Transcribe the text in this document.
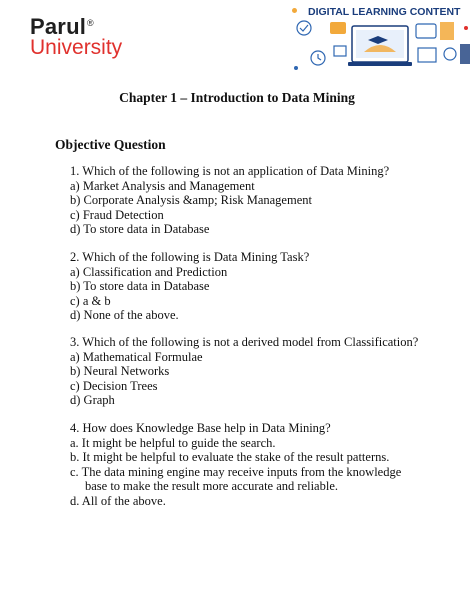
Parul®
University
DIGITAL LEARNING CONTENT
Chapter 1 – Introduction to Data Mining
Objective Question
1. Which of the following is not an application of Data Mining?
a) Market Analysis and Management
b) Corporate Analysis &amp; Risk Management
c) Fraud Detection
d) To store data in Database
2. Which of the following is Data Mining Task?
a) Classification and Prediction
b) To store data in Database
c) a & b
d) None of the above.
3. Which of the following is not a derived model from Classification?
a) Mathematical Formulae
b) Neural Networks
c) Decision Trees
d) Graph
4. How does Knowledge Base help in Data Mining?
a. It might be helpful to guide the search.
b. It might be helpful to evaluate the stake of the result patterns.
c. The data mining engine may receive inputs from the knowledge
base to make the result more accurate and reliable.
d. All of the above.
